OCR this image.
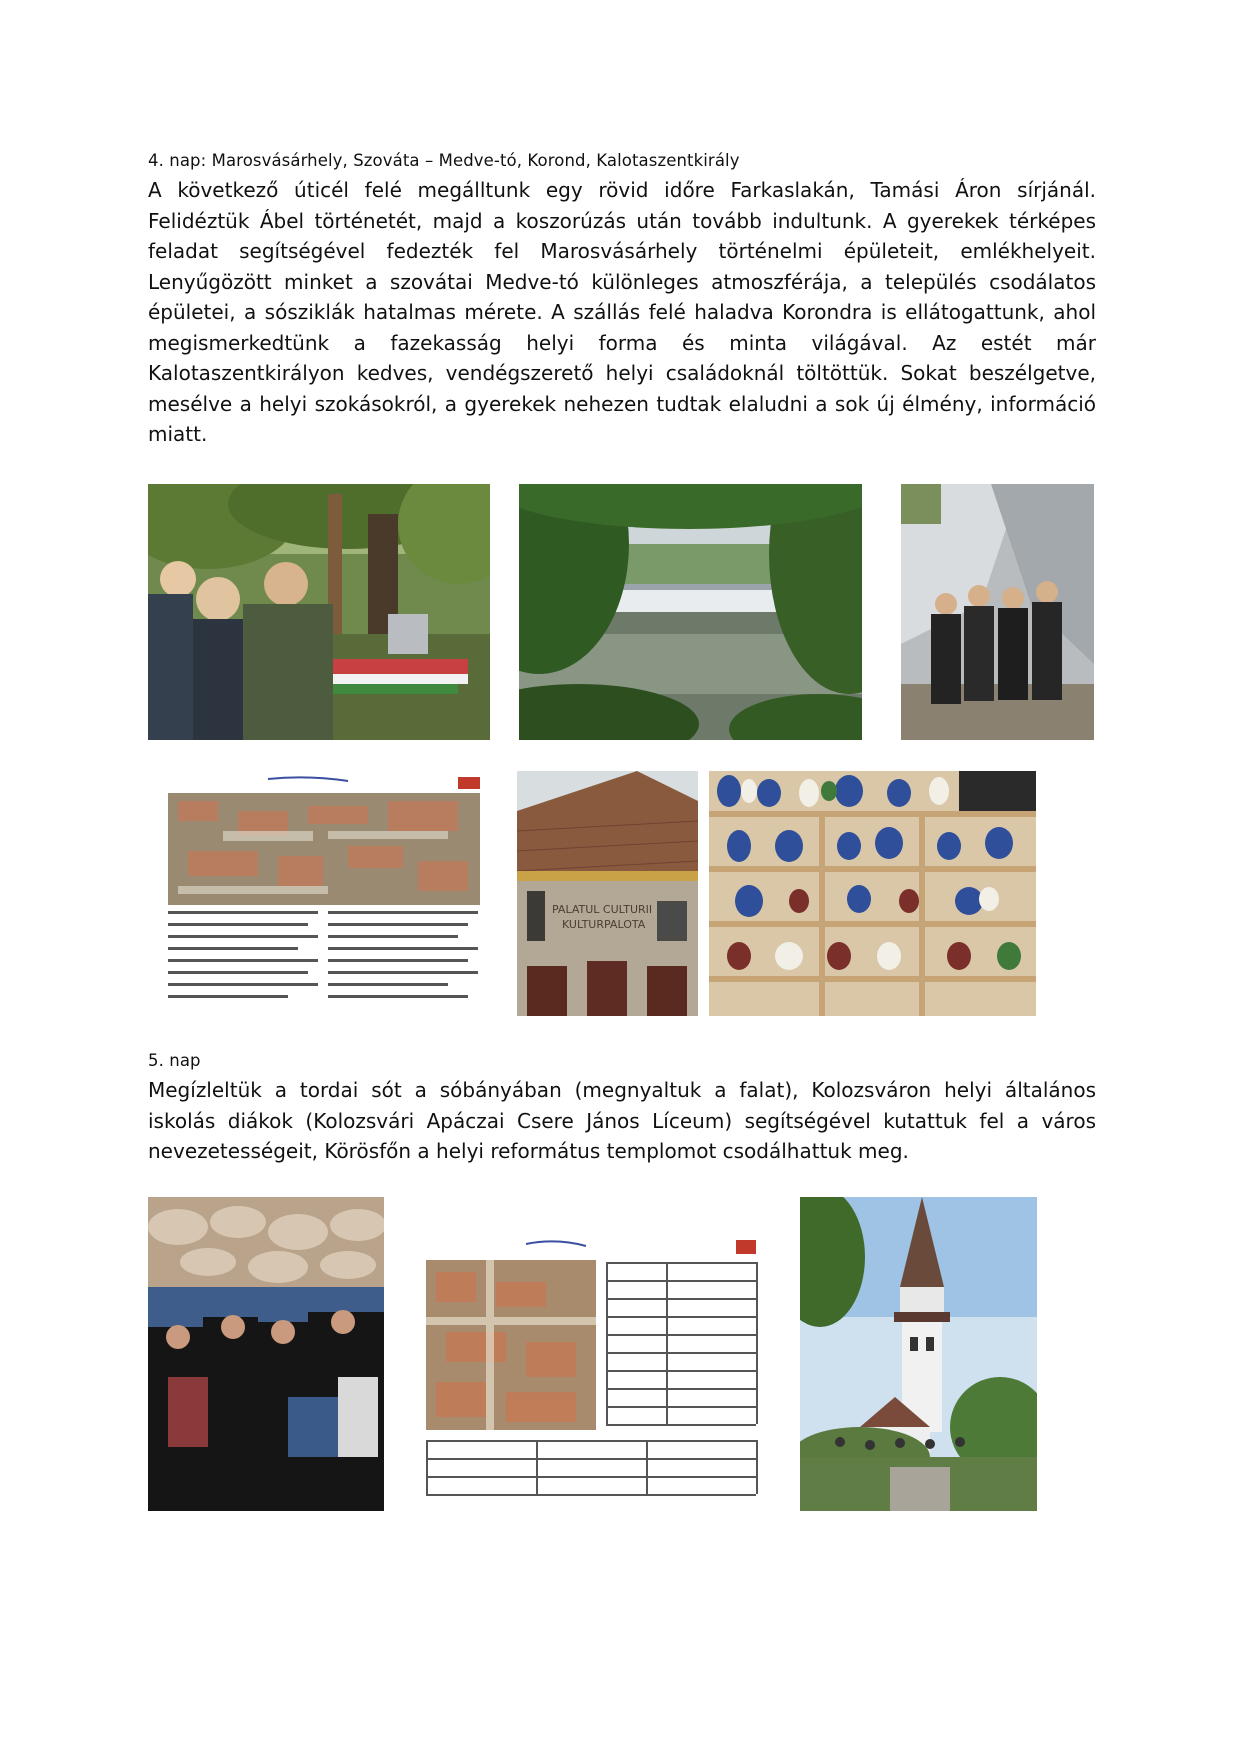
4. nap: Marosvásárhely, Szováta – Medve-tó, Korond, Kalotaszentkirály
A következő úticél felé megálltunk egy rövid időre Farkaslakán, Tamási Áron sírjánál. Felidéztük Ábel történetét, majd a koszorúzás után tovább indultunk. A gyerekek térképes feladat segítségével fedezték fel Marosvásárhely történelmi épületeit, emlékhelyeit. Lenyűgözött minket a szovátai Medve-tó különleges atmoszférája, a település csodálatos épületei, a sósziklák hatalmas mérete. A szállás felé haladva Korondra is ellátogattunk, ahol megismerkedtünk a fazekasság helyi forma és minta világával. Az estét már Kalotaszentkirályon kedves, vendégszerető helyi családoknál töltöttük. Sokat beszélgetve, mesélve a helyi szokásokról, a gyerekek nehezen tudtak elaludni a sok új élmény, információ miatt.
PALATUL CULTURII
KULTURPALOTA
5. nap
Megízleltük a tordai sót a sóbányában (megnyaltuk a falat), Kolozsváron helyi általános iskolás diákok (Kolozsvári Apáczai Csere János Líceum) segítségével kutattuk fel a város nevezetességeit, Körösfőn a helyi református templomot csodálhattuk meg.
